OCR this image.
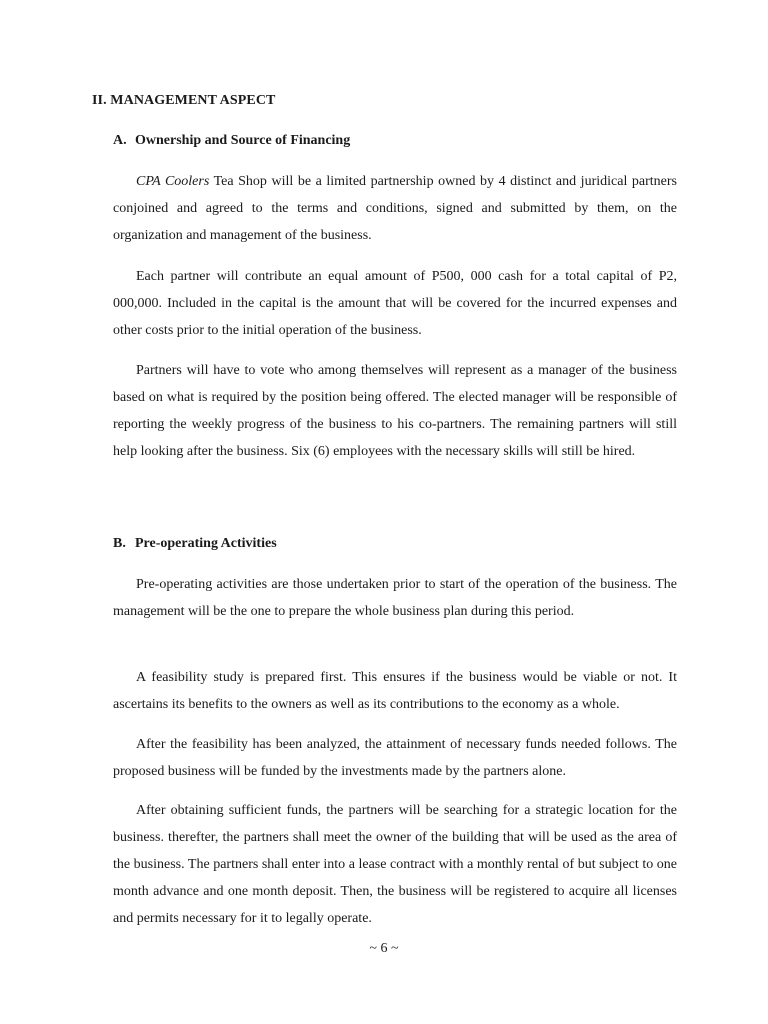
II. MANAGEMENT ASPECT
A. Ownership and Source of Financing

CPA Coolers Tea Shop will be a limited partnership owned by 4 distinct and juridical partners conjoined and agreed to the terms and conditions, signed and submitted by them, on the organization and management of the business.

Each partner will contribute an equal amount of P500, 000 cash for a total capital of P2, 000,000. Included in the capital is the amount that will be covered for the incurred expenses and other costs prior to the initial operation of the business.

Partners will have to vote who among themselves will represent as a manager of the business based on what is required by the position being offered. The elected manager will be responsible of reporting the weekly progress of the business to his co-partners. The remaining partners will still help looking after the business. Six (6) employees with the necessary skills will still be hired.

B. Pre-operating Activities

Pre-operating activities are those undertaken prior to start of the operation of the business. The management will be the one to prepare the whole business plan during this period.

A feasibility study is prepared first. This ensures if the business would be viable or not. It ascertains its benefits to the owners as well as its contributions to the economy as a whole.

After the feasibility has been analyzed, the attainment of necessary funds needed follows. The proposed business will be funded by the investments made by the partners alone.

After obtaining sufficient funds, the partners will be searching for a strategic location for the business. therefter, the partners shall meet the owner of the building that will be used as the area of the business. The partners shall enter into a lease contract with a monthly rental of but subject to one month advance and one month deposit. Then, the business will be registered to acquire all licenses and permits necessary for it to legally operate.

~ 6 ~
